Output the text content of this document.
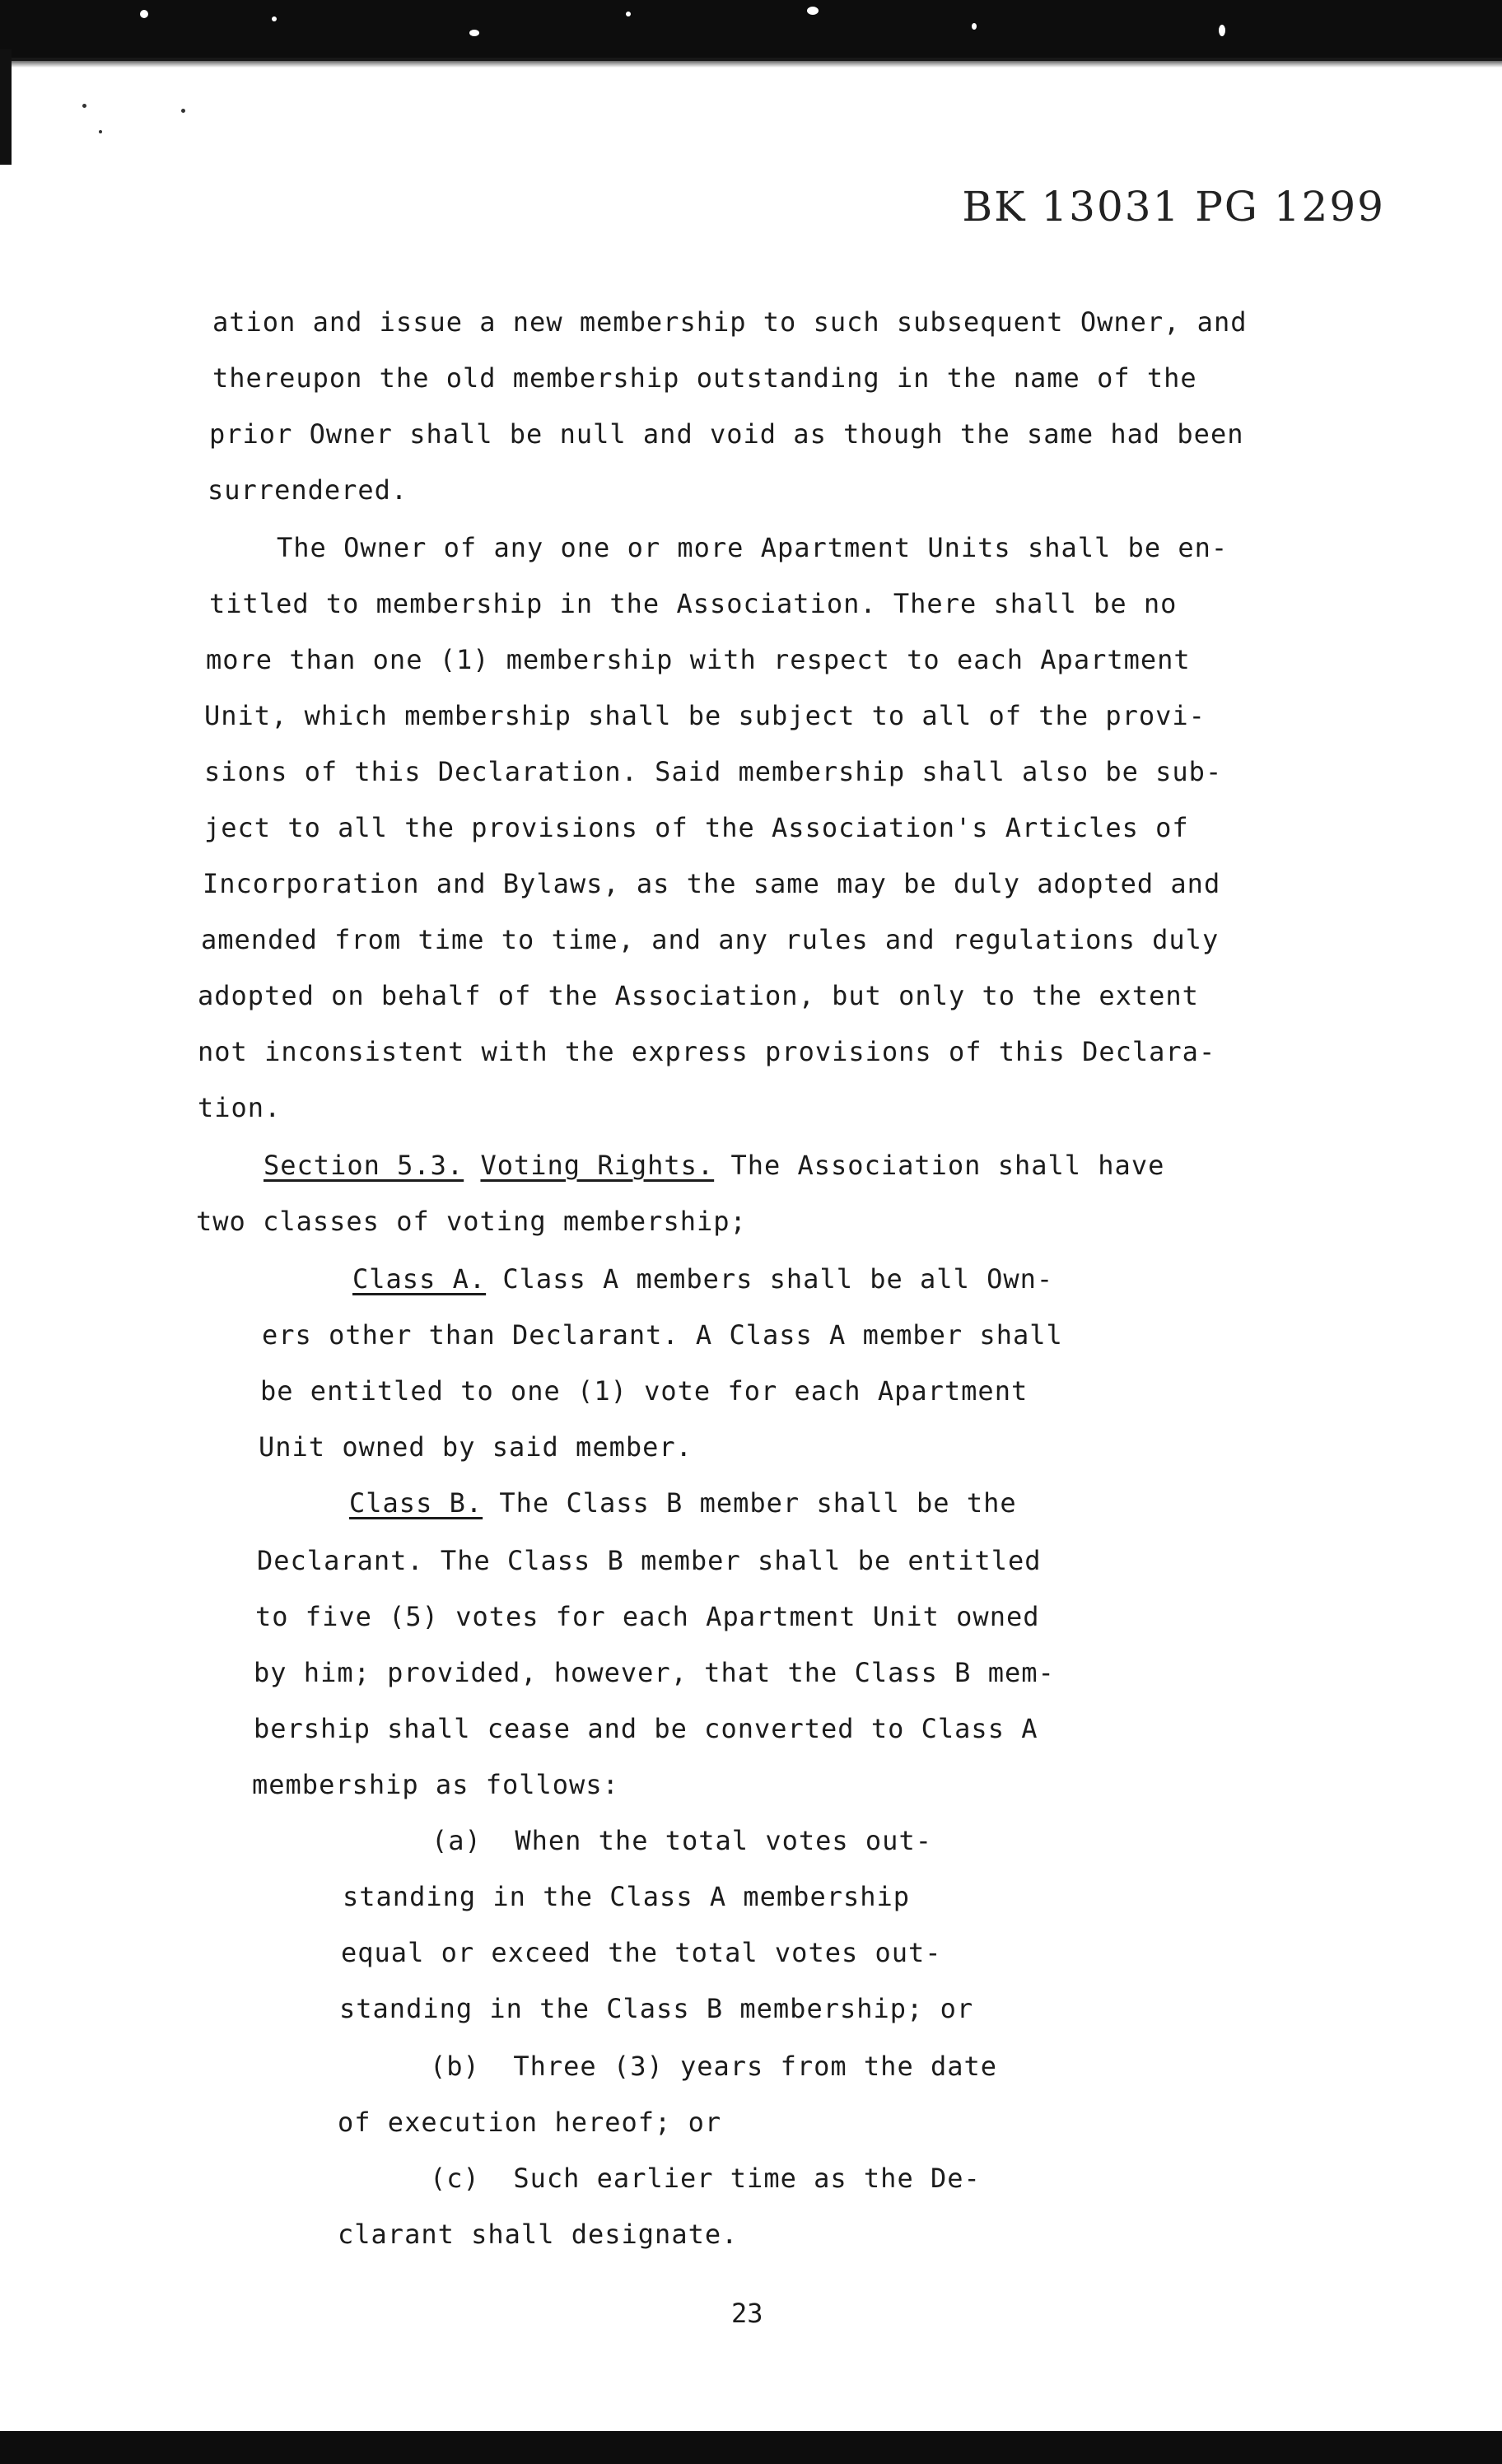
BK 13031 PG 1299
ation and issue a new membership to such subsequent Owner, and
thereupon the old membership outstanding in the name of the
prior Owner shall be null and void as though the same had been
surrendered.
The Owner of any one or more Apartment Units shall be en-
titled to membership in the Association. There shall be no
more than one (1) membership with respect to each Apartment
Unit, which membership shall be subject to all of the provi-
sions of this Declaration. Said membership shall also be sub-
ject to all the provisions of the Association's Articles of
Incorporation and Bylaws, as the same may be duly adopted and
amended from time to time, and any rules and regulations duly
adopted on behalf of the Association, but only to the extent
not inconsistent with the express provisions of this Declara-
tion.
Section 5.3. Voting Rights. The Association shall have
two classes of voting membership;
Class A. Class A members shall be all Own-
ers other than Declarant. A Class A member shall
be entitled to one (1) vote for each Apartment
Unit owned by said member.
Class B. The Class B member shall be the
Declarant. The Class B member shall be entitled
to five (5) votes for each Apartment Unit owned
by him; provided, however, that the Class B mem-
bership shall cease and be converted to Class A
membership as follows:
(a) When the total votes out-
standing in the Class A membership
equal or exceed the total votes out-
standing in the Class B membership; or
(b) Three (3) years from the date
of execution hereof; or
(c) Such earlier time as the De-
clarant shall designate.
23
